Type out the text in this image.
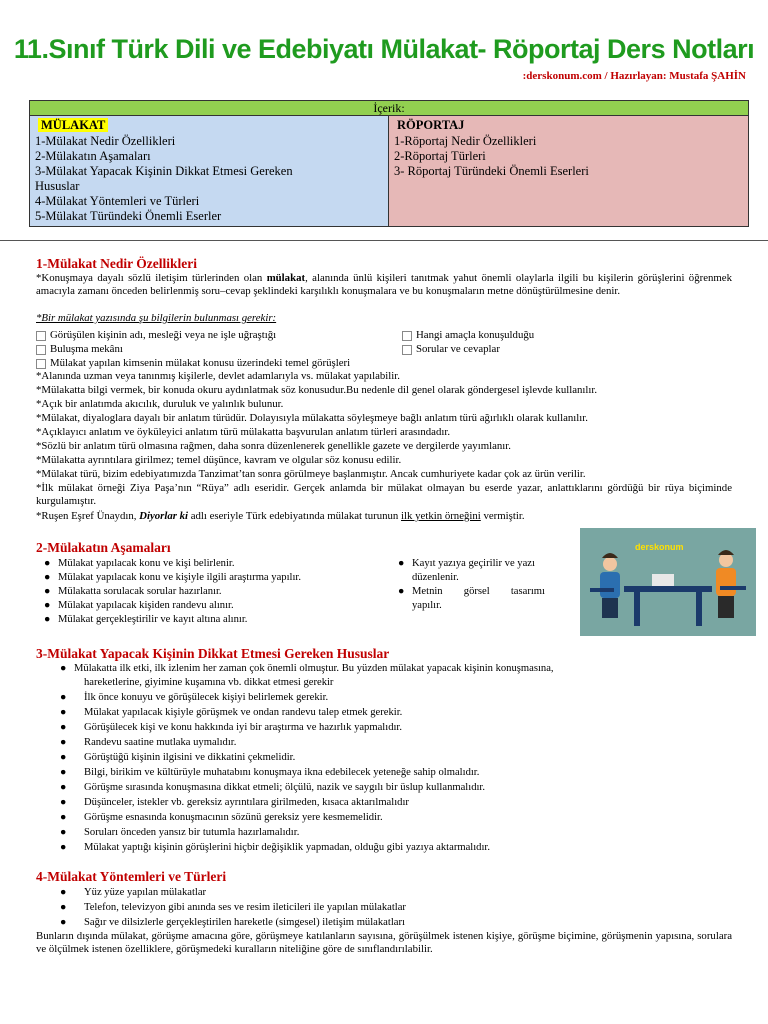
11.Sınıf Türk Dili ve Edebiyatı Mülakat- Röportaj Ders Notları
:derskonum.com / Hazırlayan: Mustafa ŞAHİN
İçerik:
MÜLAKAT
1-Mülakat Nedir Özellikleri
2-Mülakatın Aşamaları
3-Mülakat Yapacak Kişinin Dikkat Etmesi Gereken
Hususlar
4-Mülakat Yöntemleri ve Türleri
5-Mülakat Türündeki Önemli Eserler
RÖPORTAJ
1-Röportaj Nedir Özellikleri
2-Röportaj Türleri
3- Röportaj Türündeki Önemli Eserleri
1-Mülakat Nedir Özellikleri
*Konuşmaya dayalı sözlü iletişim türlerinden olan mülakat, alanında ünlü kişileri tanıtmak yahut önemli olaylarla ilgili bu kişilerin görüşlerini öğrenmek amacıyla zamanı önceden belirlenmiş soru–cevap şeklindeki karşılıklı konuşmalara ve bu konuşmaların metne dönüştürülmesine denir.
*Bir mülakat yazısında şu bilgilerin bulunması gerekir:
Görüşülen kişinin adı, mesleği veya ne işle uğraştığı	Hangi amaçla konuşulduğu
Buluşma mekânı	Sorular ve cevaplar
Mülakat yapılan kimsenin mülakat konusu üzerindeki temel görüşleri
*Alanında uzman veya tanınmış kişilerle, devlet adamlarıyla vs. mülakat yapılabilir.
*Mülakatta bilgi vermek, bir konuda okuru aydınlatmak söz konusudur.Bu nedenle dil genel olarak göndergesel işlevde kullanılır.
*Açık bir anlatımda akıcılık, duruluk ve yalınlık bulunur.
*Mülakat, diyaloglara dayalı bir anlatım türüdür. Dolayısıyla mülakatta söyleşmeye bağlı anlatım türü ağırlıklı olarak kullanılır.
*Açıklayıcı anlatım ve öyküleyici anlatım türü mülakatta başvurulan anlatım türleri arasındadır.
*Sözlü bir anlatım türü olmasına rağmen, daha sonra düzenlenerek genellikle gazete ve dergilerde yayımlanır.
*Mülakatta ayrıntılara girilmez; temel düşünce, kavram ve olgular söz konusu edilir.
*Mülakat türü, bizim edebiyatımızda Tanzimat’tan sonra görülmeye başlanmıştır. Ancak cumhuriyete kadar çok az ürün verilir.
*İlk mülakat örneği Ziya Paşa’nın “Rüya” adlı eseridir. Gerçek anlamda bir mülakat olmayan bu eserde yazar, anlattıklarını gördüğü bir rüya biçiminde kurgulamıştır.
*Ruşen Eşref Ünaydın, Diyorlar ki adlı eseriyle Türk edebiyatında mülakat turunun ilk yetkin örneğini vermiştir.
2-Mülakatın Aşamaları
● Mülakat yapılacak konu ve kişi belirlenir.
● Mülakat yapılacak konu ve kişiyle ilgili araştırma yapılır.
● Mülakatta sorulacak sorular hazırlanır.
● Mülakat yapılacak kişiden randevu alınır.
● Mülakat gerçekleştirilir ve kayıt altına alınır.
● Kayıt yazıya geçirilir ve yazı
düzenlenir.
● Metnin        görsel        tasarımı
yapılır.
derskonum
3-Mülakat Yapacak Kişinin Dikkat Etmesi Gereken Hususlar
● Mülakatta ilk etki, ilk izlenim her zaman çok önemli olmuştur. Bu yüzden mülakat yapacak kişinin konuşmasına,
hareketlerine, giyimine kuşamına vb. dikkat etmesi gerekir
● İlk önce konuyu ve görüşülecek kişiyi belirlemek gerekir.
● Mülakat yapılacak kişiyle görüşmek ve ondan randevu talep etmek gerekir.
● Görüşülecek kişi ve konu hakkında iyi bir araştırma ve hazırlık yapmalıdır.
● Randevu saatine mutlaka uymalıdır.
● Görüştüğü kişinin ilgisini ve dikkatini çekmelidir.
● Bilgi, birikim ve kültürüyle muhatabını konuşmaya ikna edebilecek yeteneğe sahip olmalıdır.
● Görüşme sırasında konuşmasına dikkat etmeli; ölçülü, nazik ve saygılı bir üslup kullanmalıdır.
● Düşünceler, istekler vb. gereksiz ayrıntılara girilmeden, kısaca aktarılmalıdır
● Görüşme esnasında konuşmacının sözünü gereksiz yere kesmemelidir.
● Soruları önceden yansız bir tutumla hazırlamalıdır.
● Mülakat yaptığı kişinin görüşlerini hiçbir değişiklik yapmadan, olduğu gibi yazıya aktarmalıdır.
4-Mülakat Yöntemleri ve Türleri
● Yüz yüze yapılan mülakatlar
● Telefon, televizyon gibi anında ses ve resim ileticileri ile yapılan mülakatlar
● Sağır ve dilsizlerle gerçekleştirilen hareketle (simgesel) iletişim mülakatları
Bunların dışında mülakat, görüşme amacına göre, görüşmeye katılanların sayısına, görüşülmek istenen kişiye, görüşme biçimine, görüşmenin yapısına, sorulara ve ölçülmek istenen özelliklere, görüşmedeki kuralların niteliğine göre de sınıflandırılabilir.
